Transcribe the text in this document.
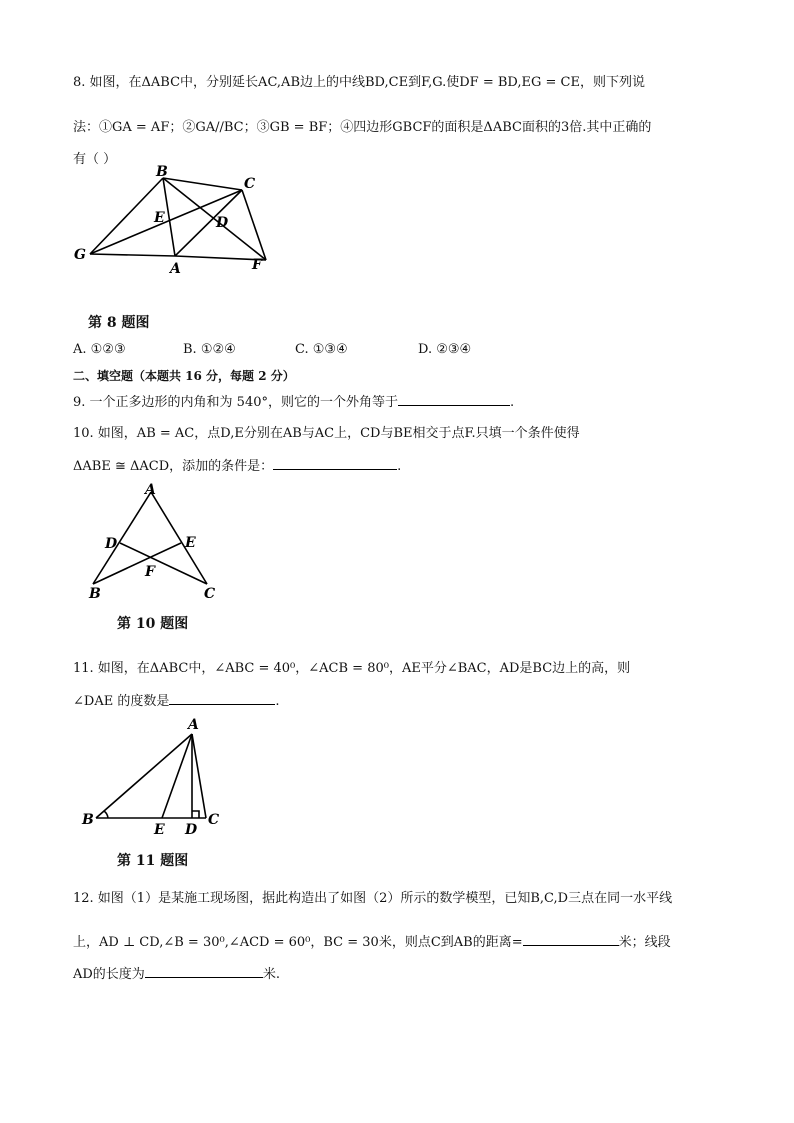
8. 如图，在ΔABC中，分别延长AC,AB边上的中线BD,CE到F,G.使DF = BD,EG = CE，则下列说
法：①GA = AF；②GA//BC；③GB = BF；④四边形GBCF的面积是ΔABC面积的3倍.其中正确的
有（ ）
B
C
E	D
G
A	F
第 8 题图
A. ①②③	B. ①②④	C. ①③④	D. ②③④
二、填空题（本题共 16 分，每题 2 分）
9. 一个正多边形的内角和为 540°，则它的一个外角等于	.
10. 如图，AB = AC，点D,E分别在AB与AC上，CD与BE相交于点F.只填一个条件使得
ΔABE ≅ ΔACD，添加的条件是：	.
A
D	E
F
B	C
第 10 题图
11. 如图，在ΔABC中，∠ABC = 40⁰，∠ACB = 80⁰，AE平分∠BAC，AD是BC边上的高，则
∠DAE 的度数是	.
A
B
E D
C
第 11 题图
12. 如图（1）是某施工现场图，据此构造出了如图（2）所示的数学模型，已知B,C,D三点在同一水平线
上，AD ⊥ CD,∠B = 30⁰,∠ACD = 60⁰，BC = 30米，则点C到AB的距离=	米；线段
AD的长度为	米.
